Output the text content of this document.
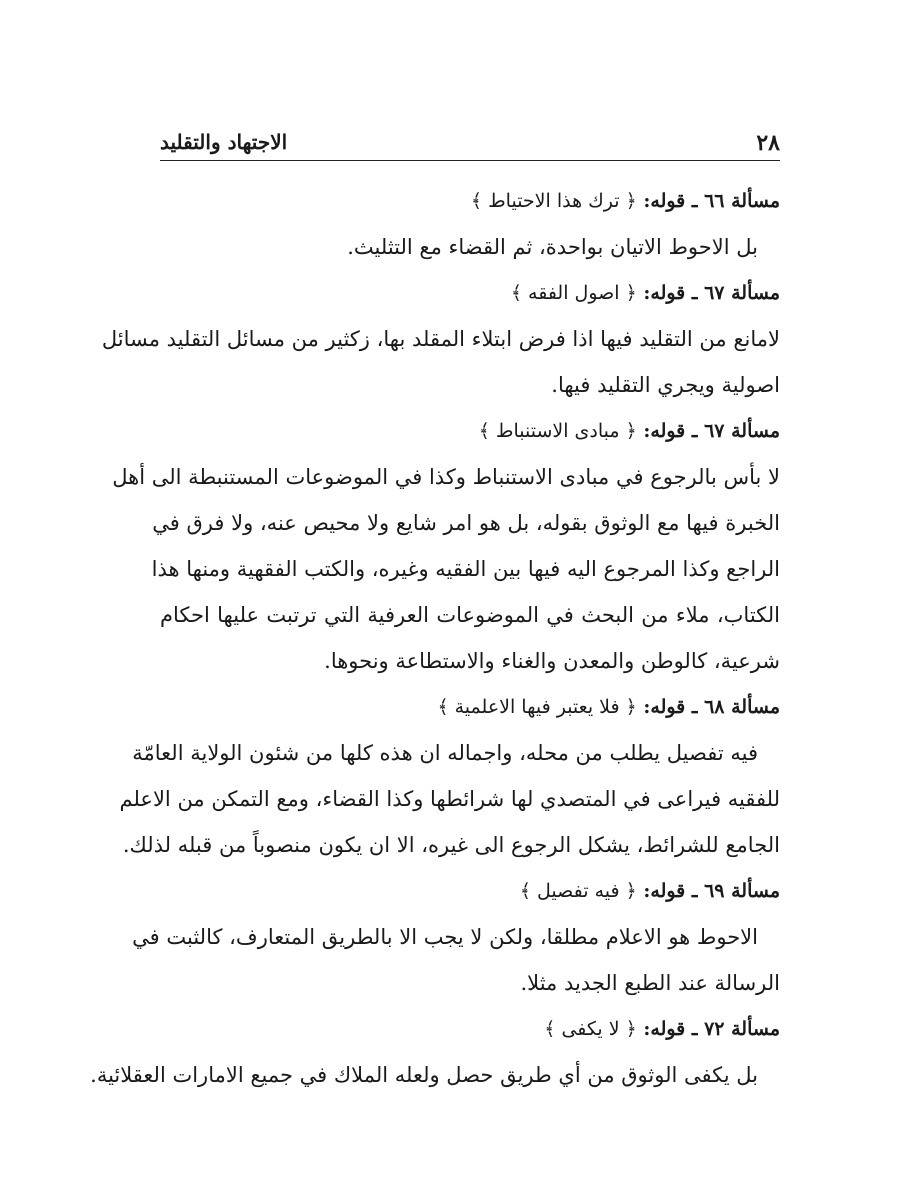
٢٨
الاجتهاد والتقليد
مسألة ٦٦ ـ قوله: ﴿ ترك هذا الاحتياط ﴾
بل الاحوط الاتيان بواحدة، ثم القضاء مع التثليث.
مسألة ٦٧ ـ قوله: ﴿ اصول الفقه ﴾
لامانع من التقليد فيها اذا فرض ابتلاء المقلد بها، زكثير من مسائل التقليد مسائل
اصولية ويجري التقليد فيها.
مسألة ٦٧ ـ قوله: ﴿ مبادى الاستنباط ﴾
لا بأس بالرجوع في مبادى الاستنباط وكذا في الموضوعات المستنبطة الى أهل
الخبرة فيها مع الوثوق بقوله، بل هو امر شايع ولا محيص عنه، ولا فرق في
الراجع وكذا المرجوع اليه فيها بين الفقيه وغيره، والكتب الفقهية ومنها هذا
الكتاب، ملاء من البحث في الموضوعات العرفية التي ترتبت عليها احكام
شرعية، كالوطن والمعدن والغناء والاستطاعة ونحوها.
مسألة ٦٨ ـ قوله: ﴿ فلا يعتبر فيها الاعلمية ﴾
فيه تفصيل يطلب من محله، واجماله ان هذه كلها من شئون الولاية العامّة
للفقيه فيراعى في المتصدي لها شرائطها وكذا القضاء، ومع التمكن من الاعلم
الجامع للشرائط، يشكل الرجوع الى غيره، الا ان يكون منصوباً من قبله لذلك.
مسألة ٦٩ ـ قوله: ﴿ فيه تفصيل ﴾
الاحوط هو الاعلام مطلقا، ولكن لا يجب الا بالطريق المتعارف، كالثبت في
الرسالة عند الطبع الجديد مثلا.
مسألة ٧٢ ـ قوله: ﴿ لا يكفى ﴾
بل يكفى الوثوق من أي طريق حصل ولعله الملاك في جميع الامارات العقلائية.
